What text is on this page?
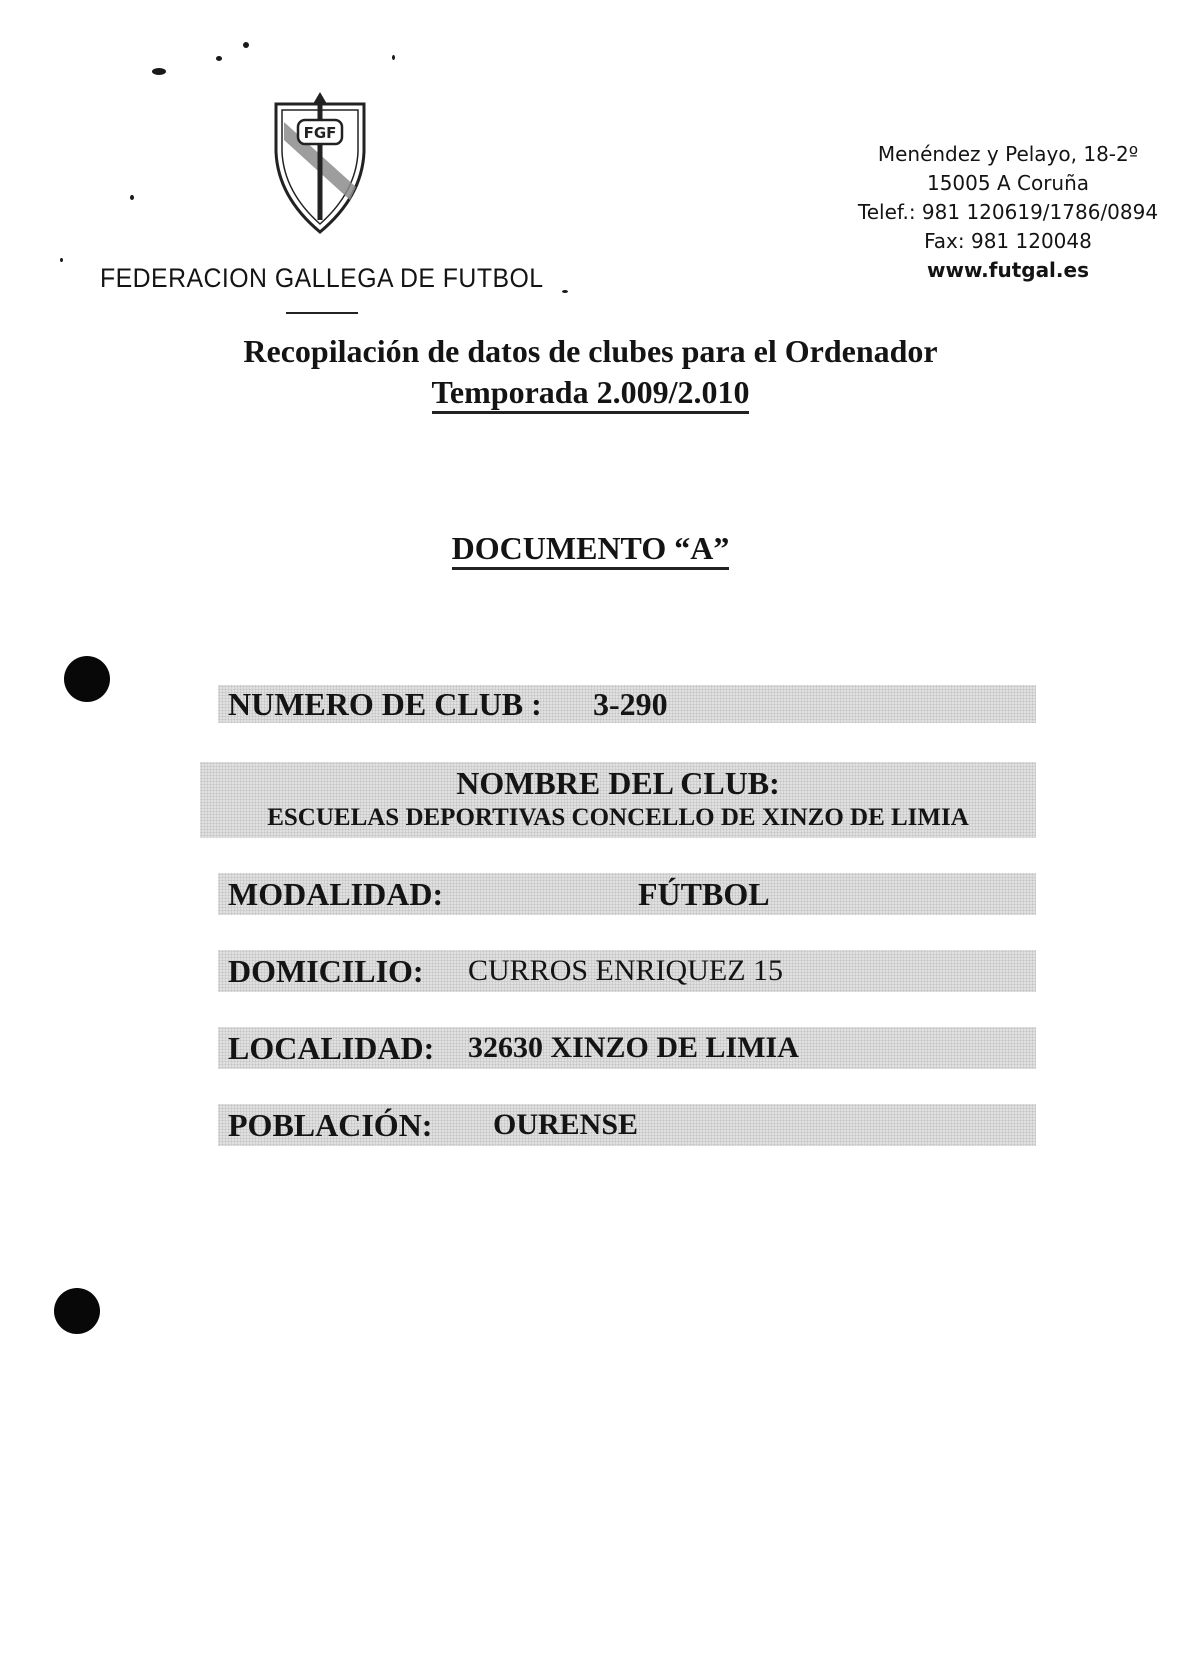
FGF
FEDERACION GALLEGA DE FUTBOL
Menéndez y Pelayo, 18-2º
15005 A Coruña
Telef.: 981 120619/1786/0894
Fax: 981 120048
www.futgal.es
Recopilación de datos de clubes para el Ordenador
Temporada 2.009/2.010
DOCUMENTO “A”
NUMERO DE CLUB : 3-290
NOMBRE DEL CLUB:
ESCUELAS DEPORTIVAS CONCELLO DE XINZO DE LIMIA
MODALIDAD:	FÚTBOL
DOMICILIO: CURROS ENRIQUEZ 15
LOCALIDAD: 32630 XINZO DE LIMIA
POBLACIÓN: OURENSE
